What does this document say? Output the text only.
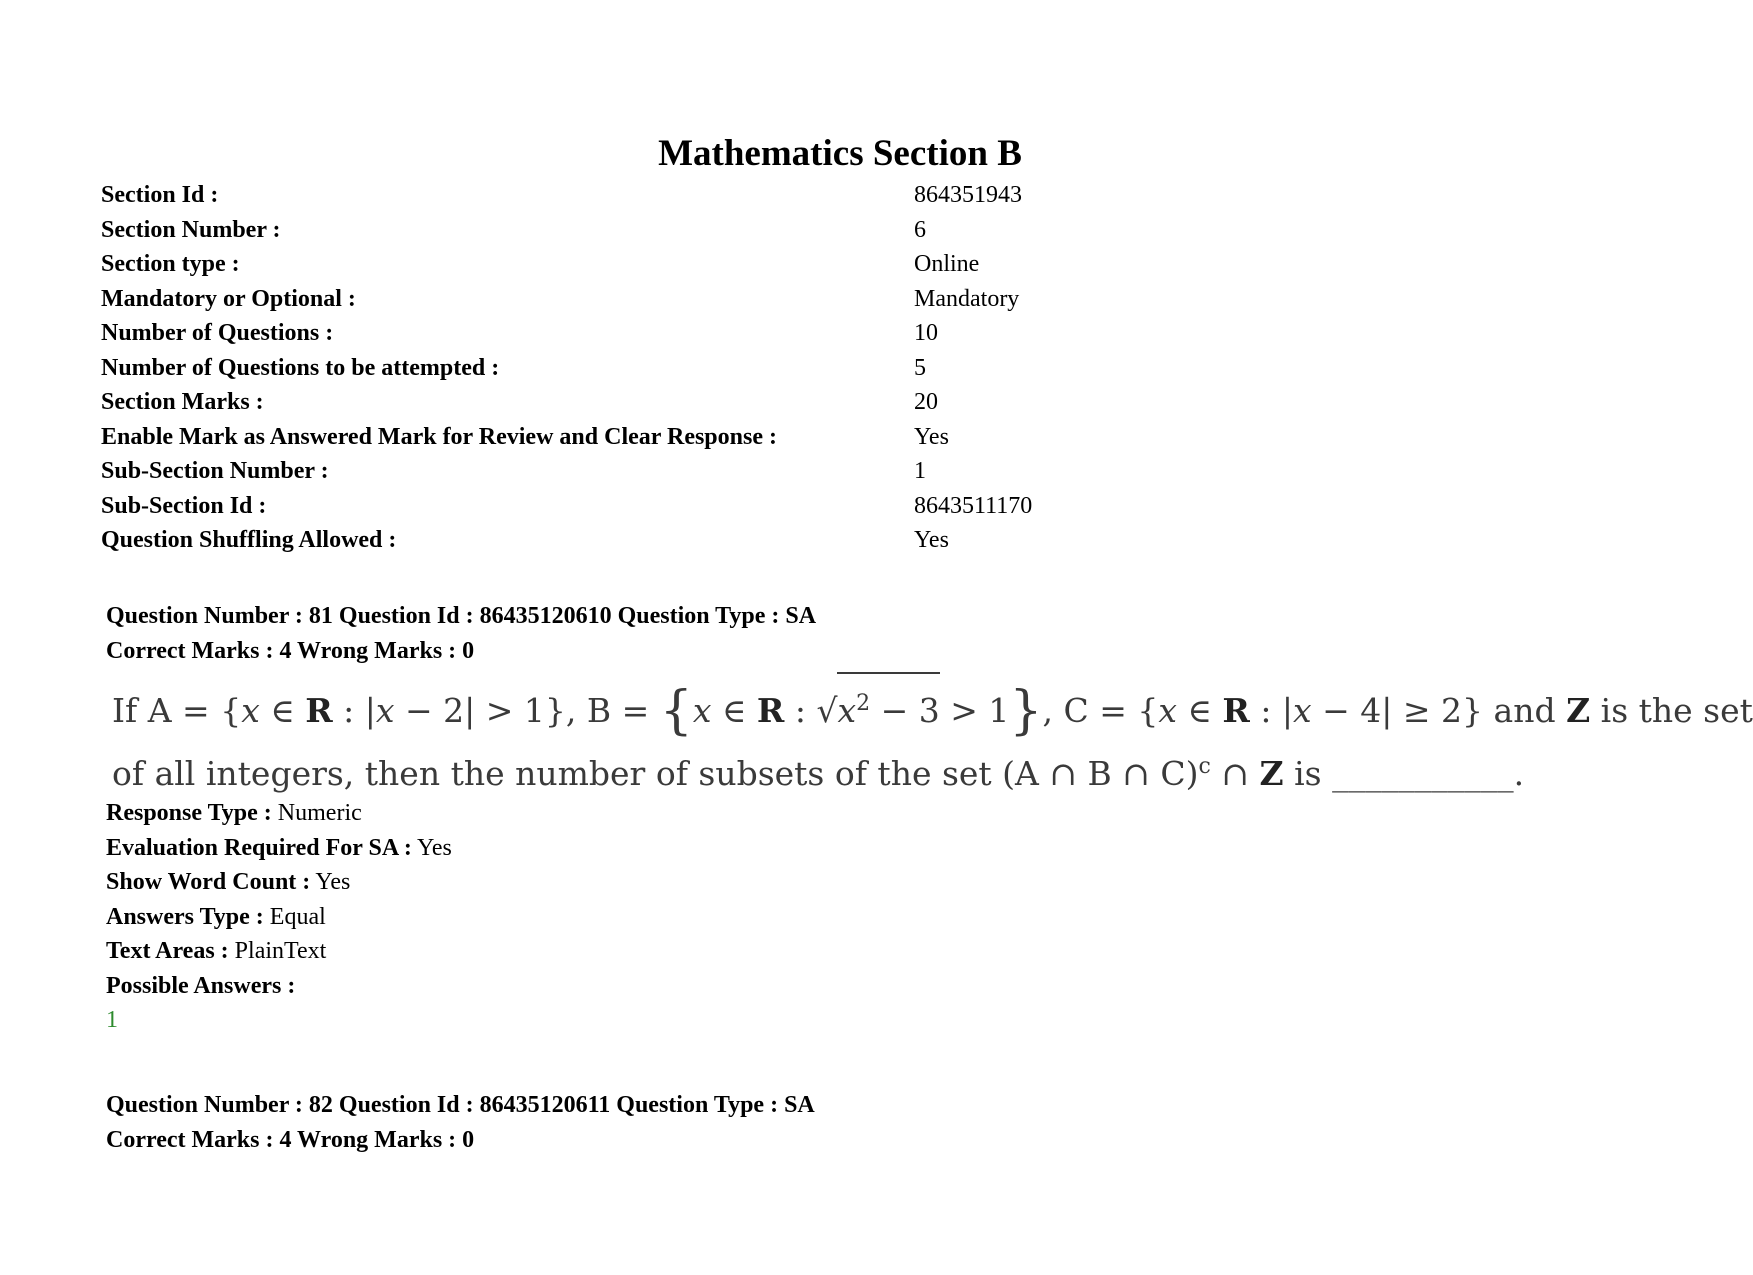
Mathematics Section B
Section Id :	864351943
Section Number :	6
Section type :	Online
Mandatory or Optional :	Mandatory
Number of Questions :	10
Number of Questions to be attempted :	5
Section Marks :	20
Enable Mark as Answered Mark for Review and Clear Response :	Yes
Sub-Section Number :	1
Sub-Section Id :	8643511170
Question Shuffling Allowed :	Yes
Question Number : 81 Question Id : 86435120610 Question Type : SA
Correct Marks : 4 Wrong Marks : 0
If A = {x ∈ R : |x − 2| > 1}, B = {x ∈ R : $√x^2 - 3 > 1$}, C = {x ∈ R : |x − 4| ≥ 2} and Z is the set
of all integers, then the number of subsets of the set (A ∩ B ∩ C)$^c$ ∩ Z is ___________.
Response Type : Numeric
Evaluation Required For SA : Yes
Show Word Count : Yes
Answers Type : Equal
Text Areas : PlainText
Possible Answers :
1
Question Number : 82 Question Id : 86435120611 Question Type : SA
Correct Marks : 4 Wrong Marks : 0
